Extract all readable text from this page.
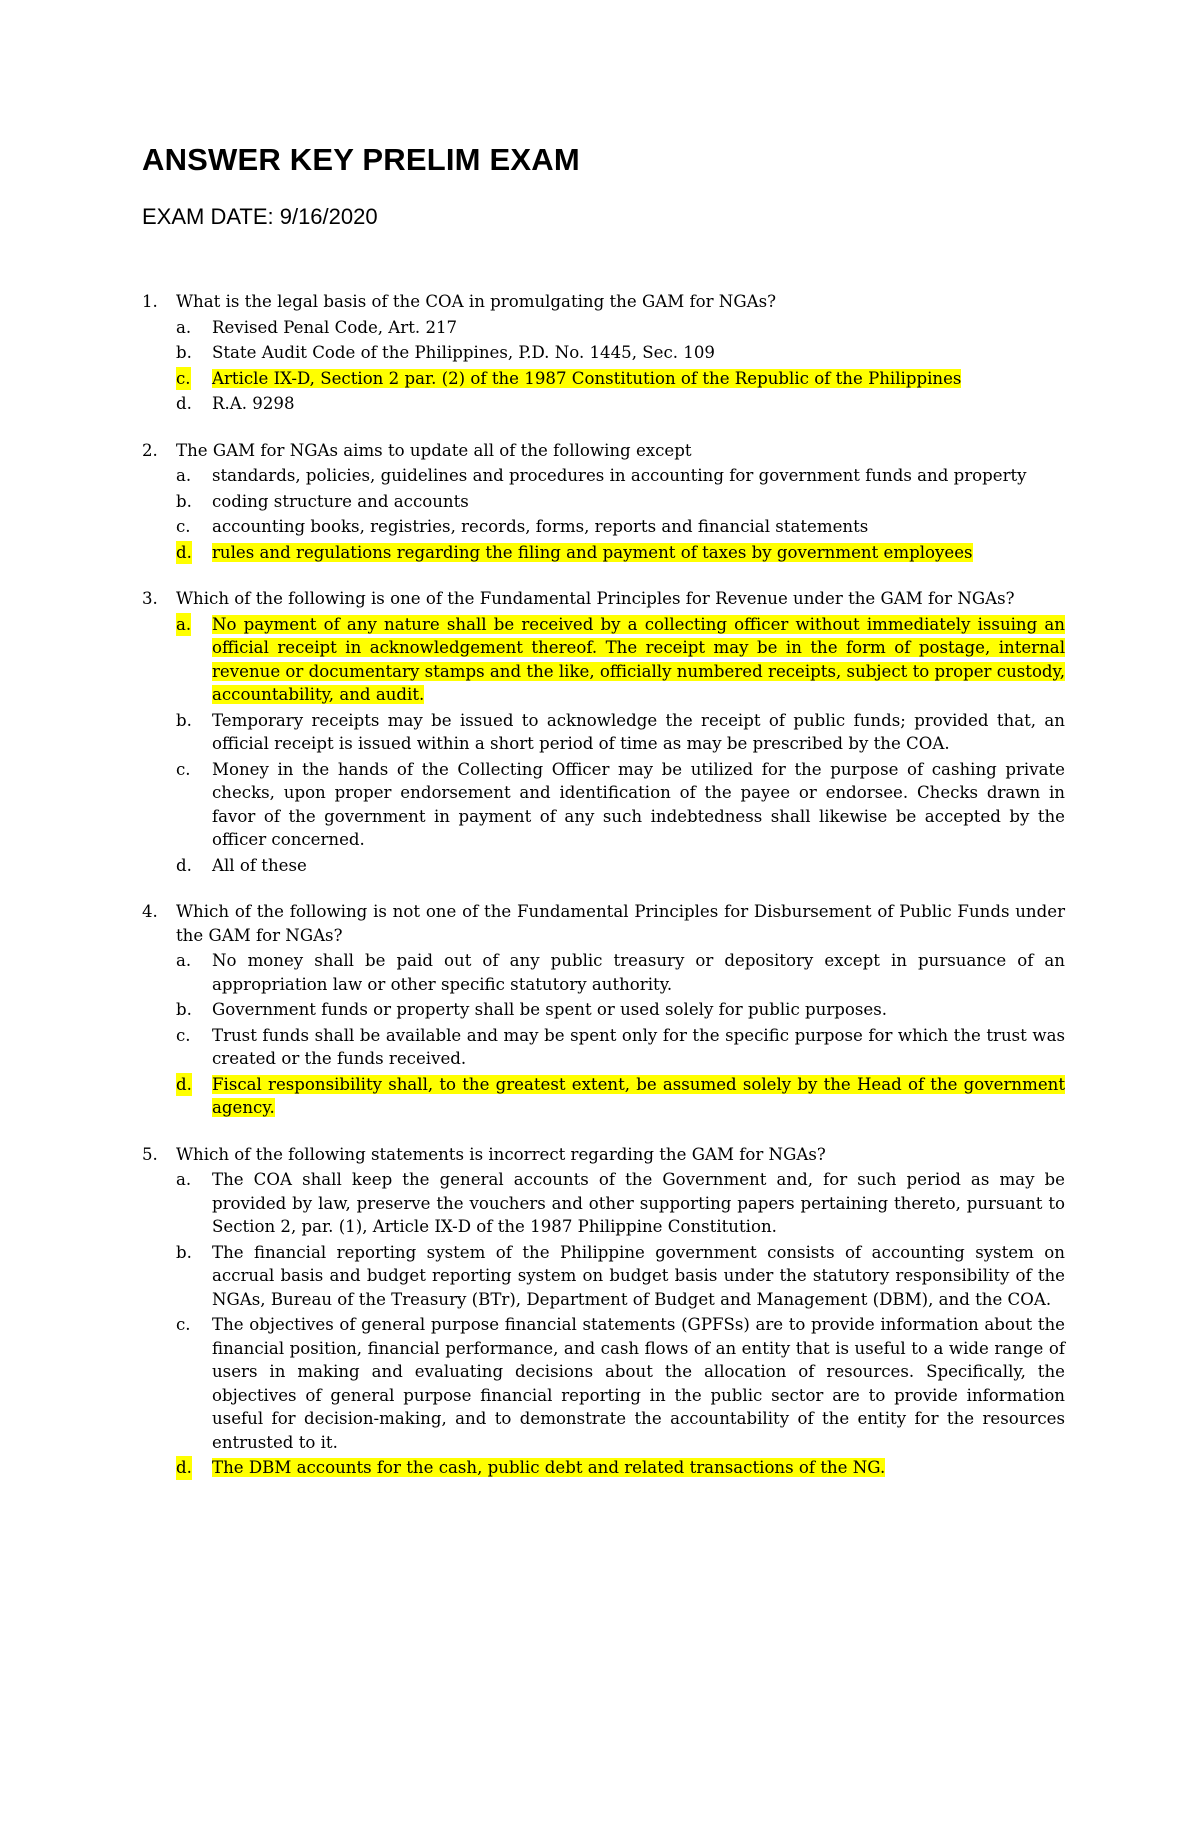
ANSWER KEY PRELIM EXAM

EXAM DATE: 9/16/2020

1. What is the legal basis of the COA in promulgating the GAM for NGAs?
a. Revised Penal Code, Art. 217
b. State Audit Code of the Philippines, P.D. No. 1445, Sec. 109
c. Article IX-D, Section 2 par. (2) of the 1987 Constitution of the Republic of the Philippines
d. R.A. 9298
2. The GAM for NGAs aims to update all of the following except
a. standards, policies, guidelines and procedures in accounting for government funds and property
b. coding structure and accounts
c. accounting books, registries, records, forms, reports and financial statements
d. rules and regulations regarding the filing and payment of taxes by government employees
3. Which of the following is one of the Fundamental Principles for Revenue under the GAM for NGAs?
a. No payment of any nature shall be received by a collecting officer without immediately issuing an official receipt in acknowledgement thereof. The receipt may be in the form of postage, internal revenue or documentary stamps and the like, officially numbered receipts, subject to proper custody, accountability, and audit.
b. Temporary receipts may be issued to acknowledge the receipt of public funds; provided that, an official receipt is issued within a short period of time as may be prescribed by the COA.
c. Money in the hands of the Collecting Officer may be utilized for the purpose of cashing private checks, upon proper endorsement and identification of the payee or endorsee. Checks drawn in favor of the government in payment of any such indebtedness shall likewise be accepted by the officer concerned.
d. All of these
4. Which of the following is not one of the Fundamental Principles for Disbursement of Public Funds under the GAM for NGAs?
a. No money shall be paid out of any public treasury or depository except in pursuance of an appropriation law or other specific statutory authority.
b. Government funds or property shall be spent or used solely for public purposes.
c. Trust funds shall be available and may be spent only for the specific purpose for which the trust was created or the funds received.
d. Fiscal responsibility shall, to the greatest extent, be assumed solely by the Head of the government agency.
5. Which of the following statements is incorrect regarding the GAM for NGAs?
a. The COA shall keep the general accounts of the Government and, for such period as may be provided by law, preserve the vouchers and other supporting papers pertaining thereto, pursuant to Section 2, par. (1), Article IX-D of the 1987 Philippine Constitution.
b. The financial reporting system of the Philippine government consists of accounting system on accrual basis and budget reporting system on budget basis under the statutory responsibility of the NGAs, Bureau of the Treasury (BTr), Department of Budget and Management (DBM), and the COA.
c. The objectives of general purpose financial statements (GPFSs) are to provide information about the financial position, financial performance, and cash flows of an entity that is useful to a wide range of users in making and evaluating decisions about the allocation of resources. Specifically, the objectives of general purpose financial reporting in the public sector are to provide information useful for decision-making, and to demonstrate the accountability of the entity for the resources entrusted to it.
d. The DBM accounts for the cash, public debt and related transactions of the NG.
